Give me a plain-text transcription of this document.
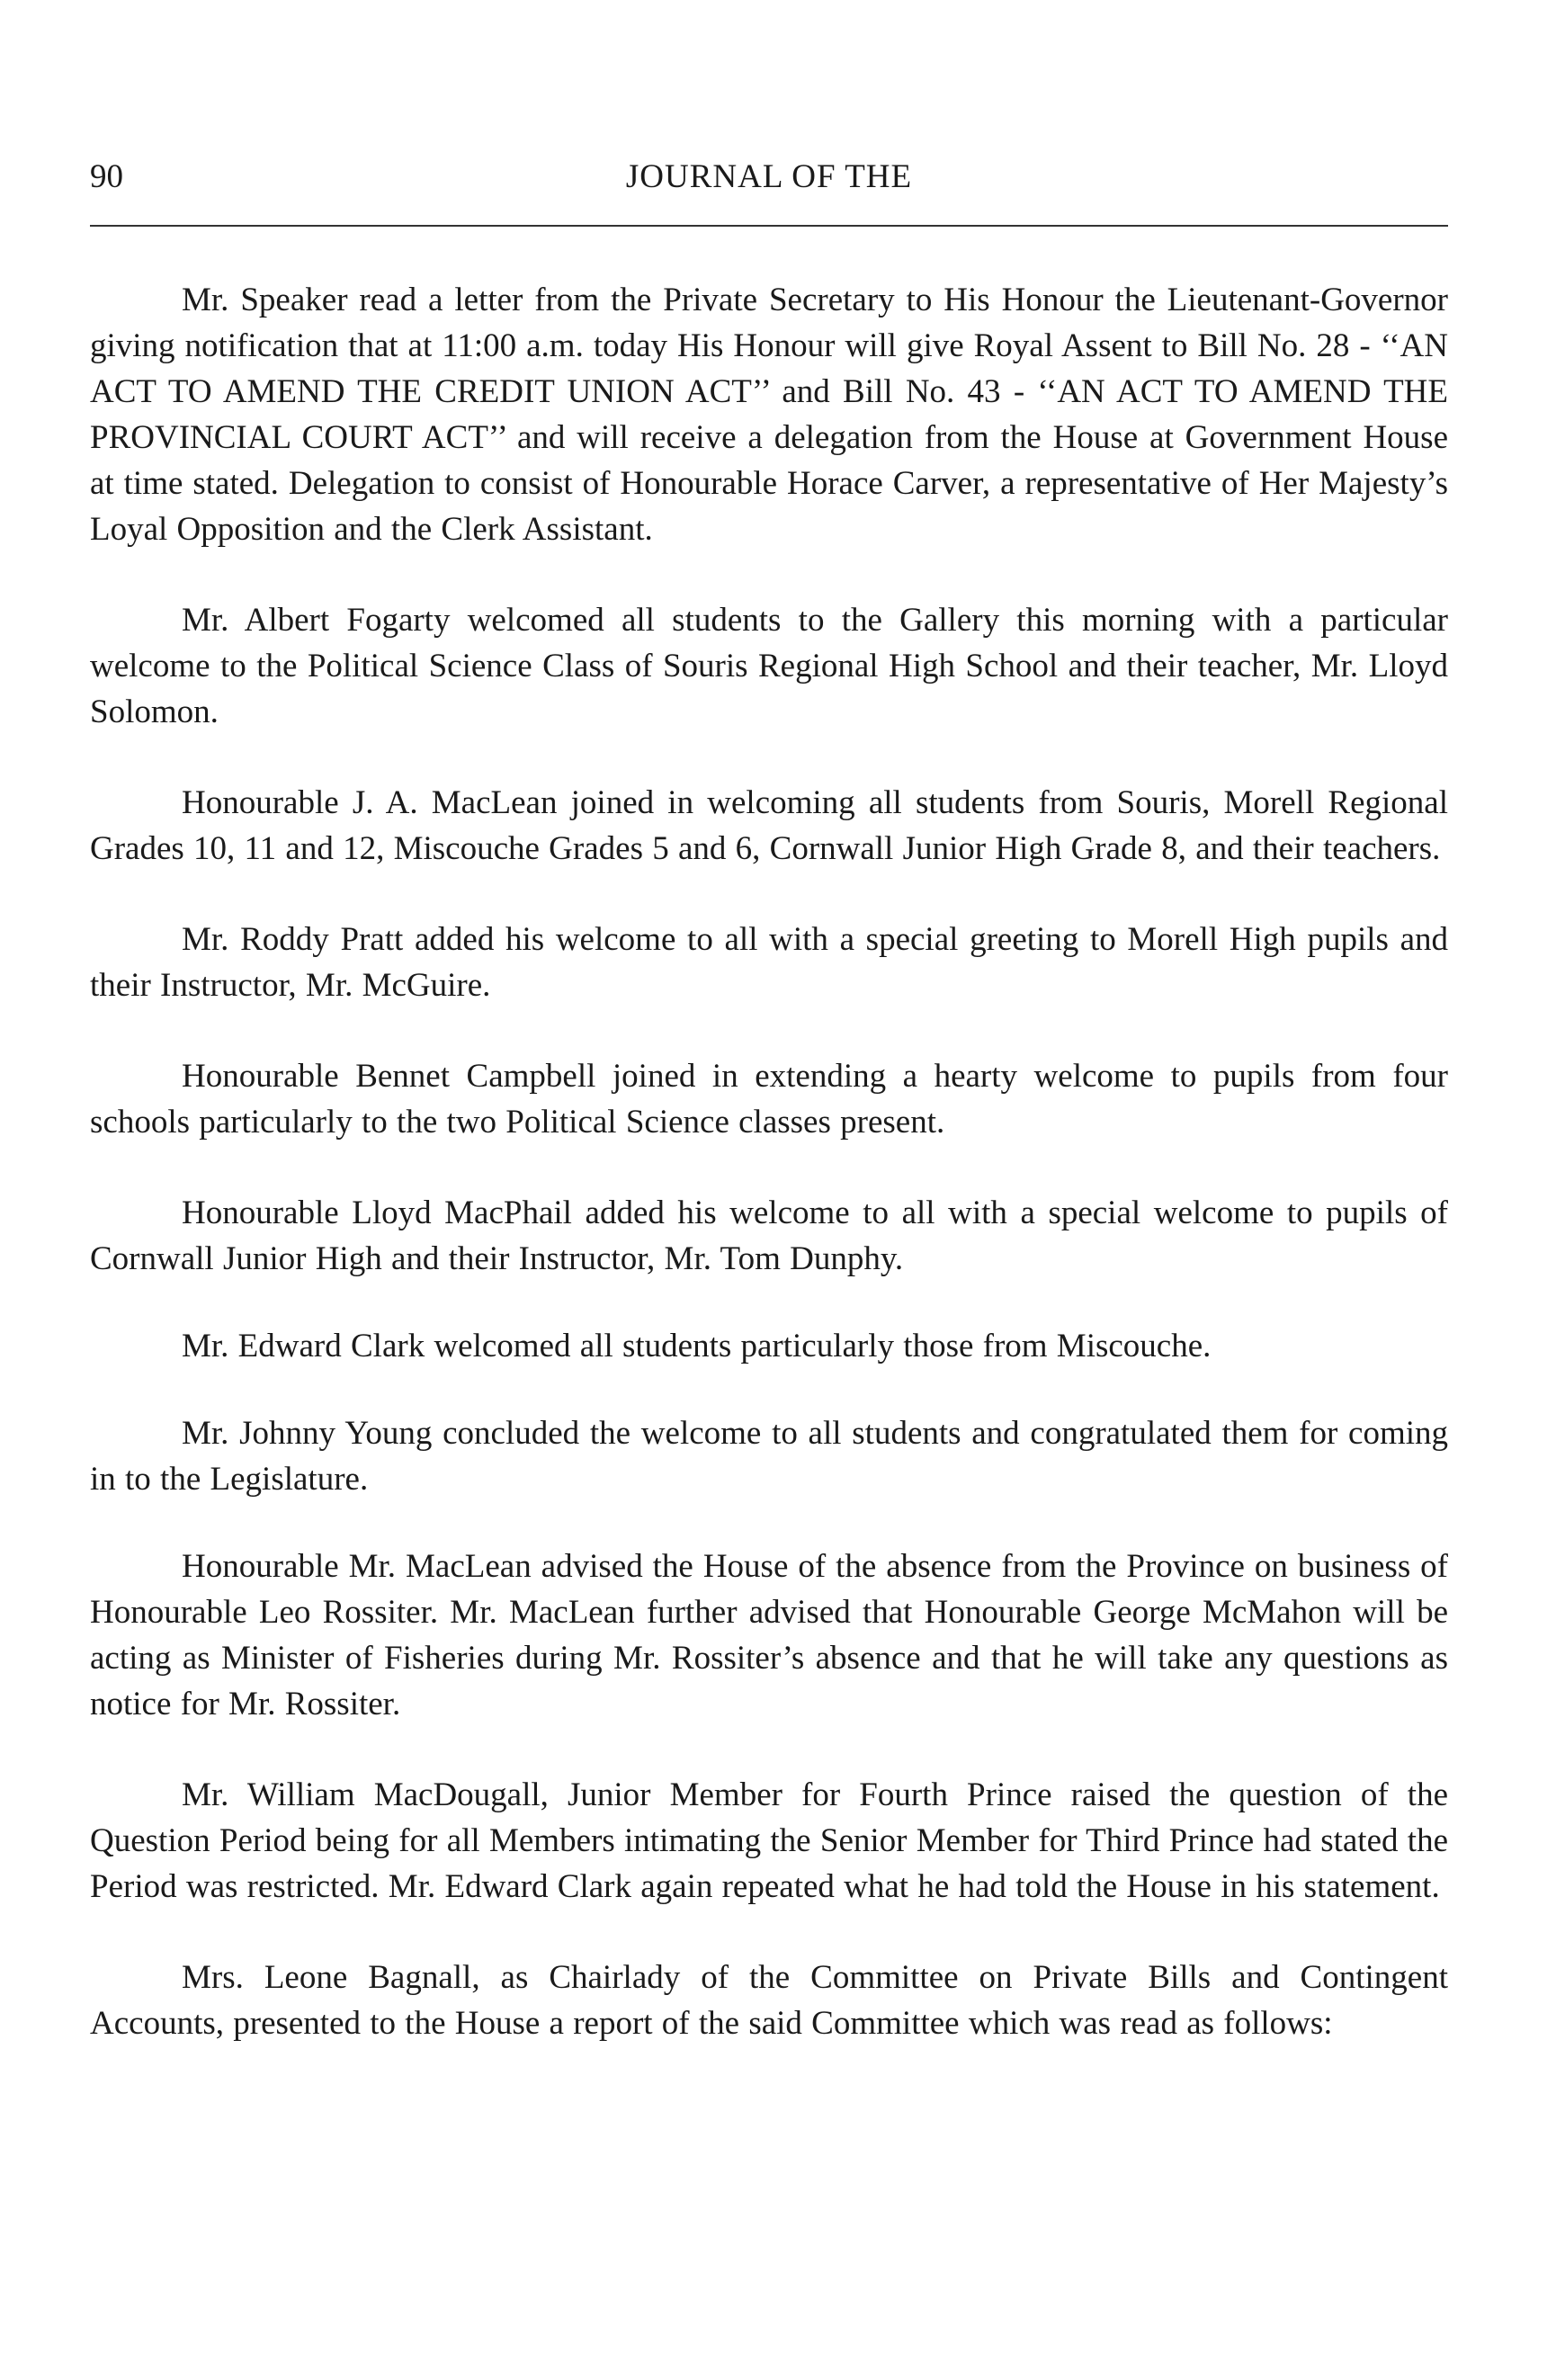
90	JOURNAL OF THE

Mr. Speaker read a letter from the Private Secretary to His Honour the Lieutenant-Governor giving notification that at 11:00 a.m. today His Honour will give Royal Assent to Bill No. 28 - ‘‘AN ACT TO AMEND THE CREDIT UNION ACT’’ and Bill No. 43 - ‘‘AN ACT TO AMEND THE PROVINCIAL COURT ACT’’ and will receive a delegation from the House at Government House at time stated. Delegation to consist of Honourable Horace Carver, a representative of Her Majesty’s Loyal Opposition and the Clerk Assistant.

Mr. Albert Fogarty welcomed all students to the Gallery this morning with a particular welcome to the Political Science Class of Souris Regional High School and their teacher, Mr. Lloyd Solomon.

Honourable J. A. MacLean joined in welcoming all students from Souris, Morell Regional Grades 10, 11 and 12, Miscouche Grades 5 and 6, Cornwall Junior High Grade 8, and their teachers.

Mr. Roddy Pratt added his welcome to all with a special greeting to Morell High pupils and their Instructor, Mr. McGuire.

Honourable Bennet Campbell joined in extending a hearty welcome to pupils from four schools particularly to the two Political Science classes present.

Honourable Lloyd MacPhail added his welcome to all with a special welcome to pupils of Cornwall Junior High and their Instructor, Mr. Tom Dunphy.

Mr. Edward Clark welcomed all students particularly those from Miscouche.

Mr. Johnny Young concluded the welcome to all students and congratulated them for coming in to the Legislature.

Honourable Mr. MacLean advised the House of the absence from the Province on business of Honourable Leo Rossiter. Mr. MacLean further advised that Honourable George McMahon will be acting as Minister of Fisheries during Mr. Rossiter’s absence and that he will take any questions as notice for Mr. Rossiter.

Mr. William MacDougall, Junior Member for Fourth Prince raised the question of the Question Period being for all Members intimating the Senior Member for Third Prince had stated the Period was restricted. Mr. Edward Clark again repeated what he had told the House in his statement.

Mrs. Leone Bagnall, as Chairlady of the Committee on Private Bills and Contingent Accounts, presented to the House a report of the said Committee which was read as follows:
